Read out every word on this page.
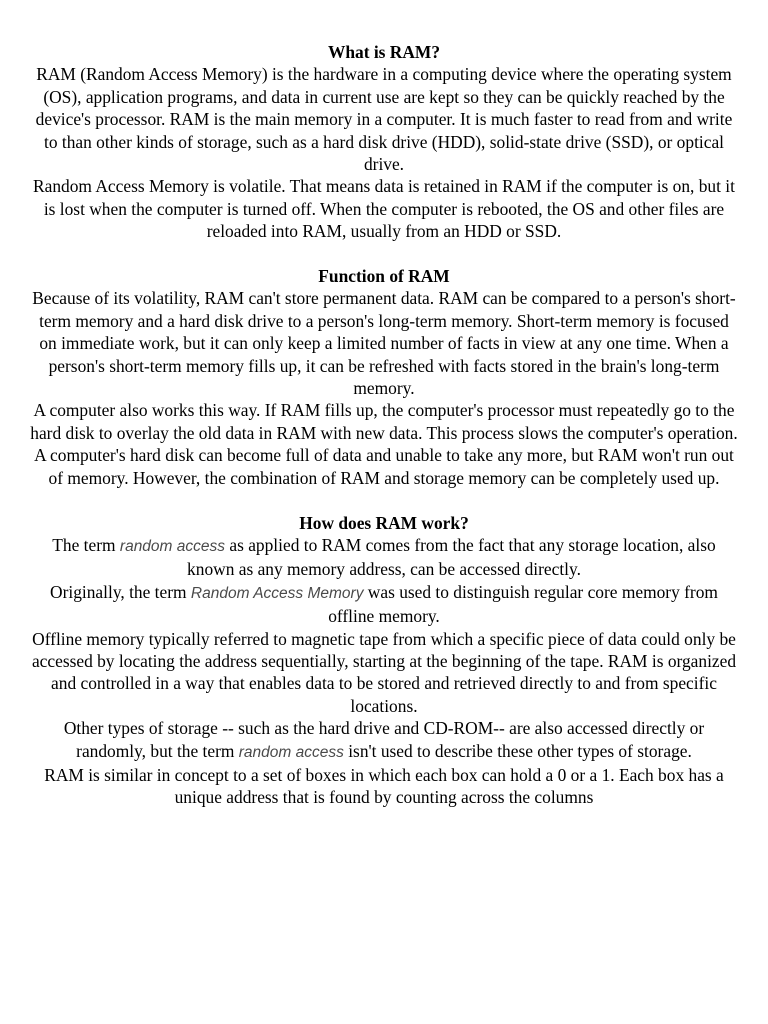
What is RAM?

RAM (Random Access Memory) is the hardware in a computing device where the operating system (OS), application programs, and data in current use are kept so they can be quickly reached by the device's processor. RAM is the main memory in a computer. It is much faster to read from and write to than other kinds of storage, such as a hard disk drive (HDD), solid-state drive (SSD), or optical drive.

Random Access Memory is volatile. That means data is retained in RAM if the computer is on, but it is lost when the computer is turned off. When the computer is rebooted, the OS and other files are reloaded into RAM, usually from an HDD or SSD.

Function of RAM

Because of its volatility, RAM can't store permanent data. RAM can be compared to a person's short-term memory and a hard disk drive to a person's long-term memory. Short-term memory is focused on immediate work, but it can only keep a limited number of facts in view at any one time. When a person's short-term memory fills up, it can be refreshed with facts stored in the brain's long-term memory.

A computer also works this way. If RAM fills up, the computer's processor must repeatedly go to the hard disk to overlay the old data in RAM with new data. This process slows the computer's operation.

A computer's hard disk can become full of data and unable to take any more, but RAM won't run out of memory. However, the combination of RAM and storage memory can be completely used up.

How does RAM work?

The term random access as applied to RAM comes from the fact that any storage location, also known as any memory address, can be accessed directly.

Originally, the term Random Access Memory was used to distinguish regular core memory from offline memory.

Offline memory typically referred to magnetic tape from which a specific piece of data could only be accessed by locating the address sequentially, starting at the beginning of the tape. RAM is organized and controlled in a way that enables data to be stored and retrieved directly to and from specific locations.

Other types of storage -- such as the hard drive and CD-ROM-- are also accessed directly or randomly, but the term random access isn't used to describe these other types of storage.

RAM is similar in concept to a set of boxes in which each box can hold a 0 or a 1. Each box has a unique address that is found by counting across the columns
